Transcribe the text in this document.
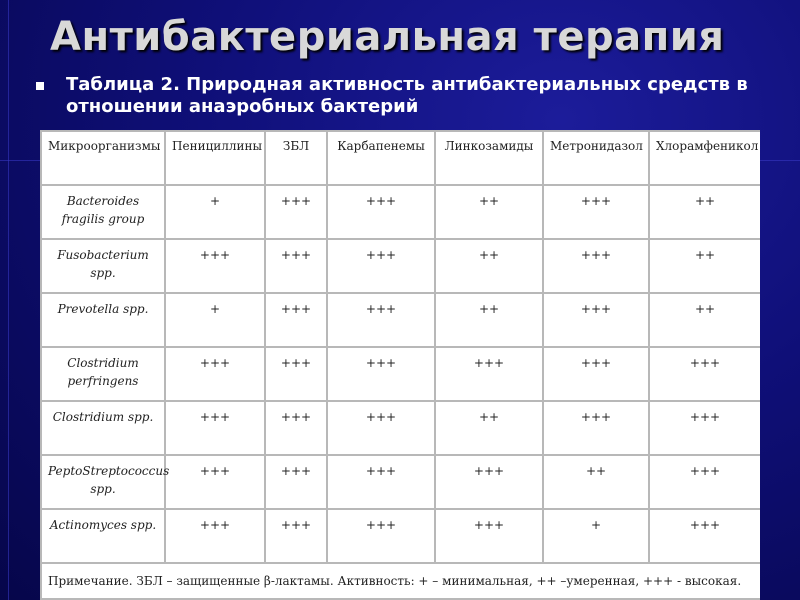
Антибактериальная терапия
Таблица 2. Природная активность антибактериальных средств в отношении анаэробных бактерий
Микроорганизмы	Пенициллины	ЗБЛ	Карбапенемы	Линкозамиды	Метронидазол	Хлорамфеникол
Bacteroides fragilis group	+	+++	+++	++	+++	++
Fusobacterium spp.	+++	+++	+++	++	+++	++
Prevotella spp.	+	+++	+++	++	+++	++
Clostridium perfringens	+++	+++	+++	+++	+++	+++
Clostridium spp.	+++	+++	+++	++	+++	+++
PeptoStreptococcus spp.	+++	+++	+++	+++	++	+++
Actinomyces spp.	+++	+++	+++	+++	+	+++
Примечание. ЗБЛ – защищенные β-лактамы. Активность: + – минимальная, ++ –умеренная, +++ - высокая.						
